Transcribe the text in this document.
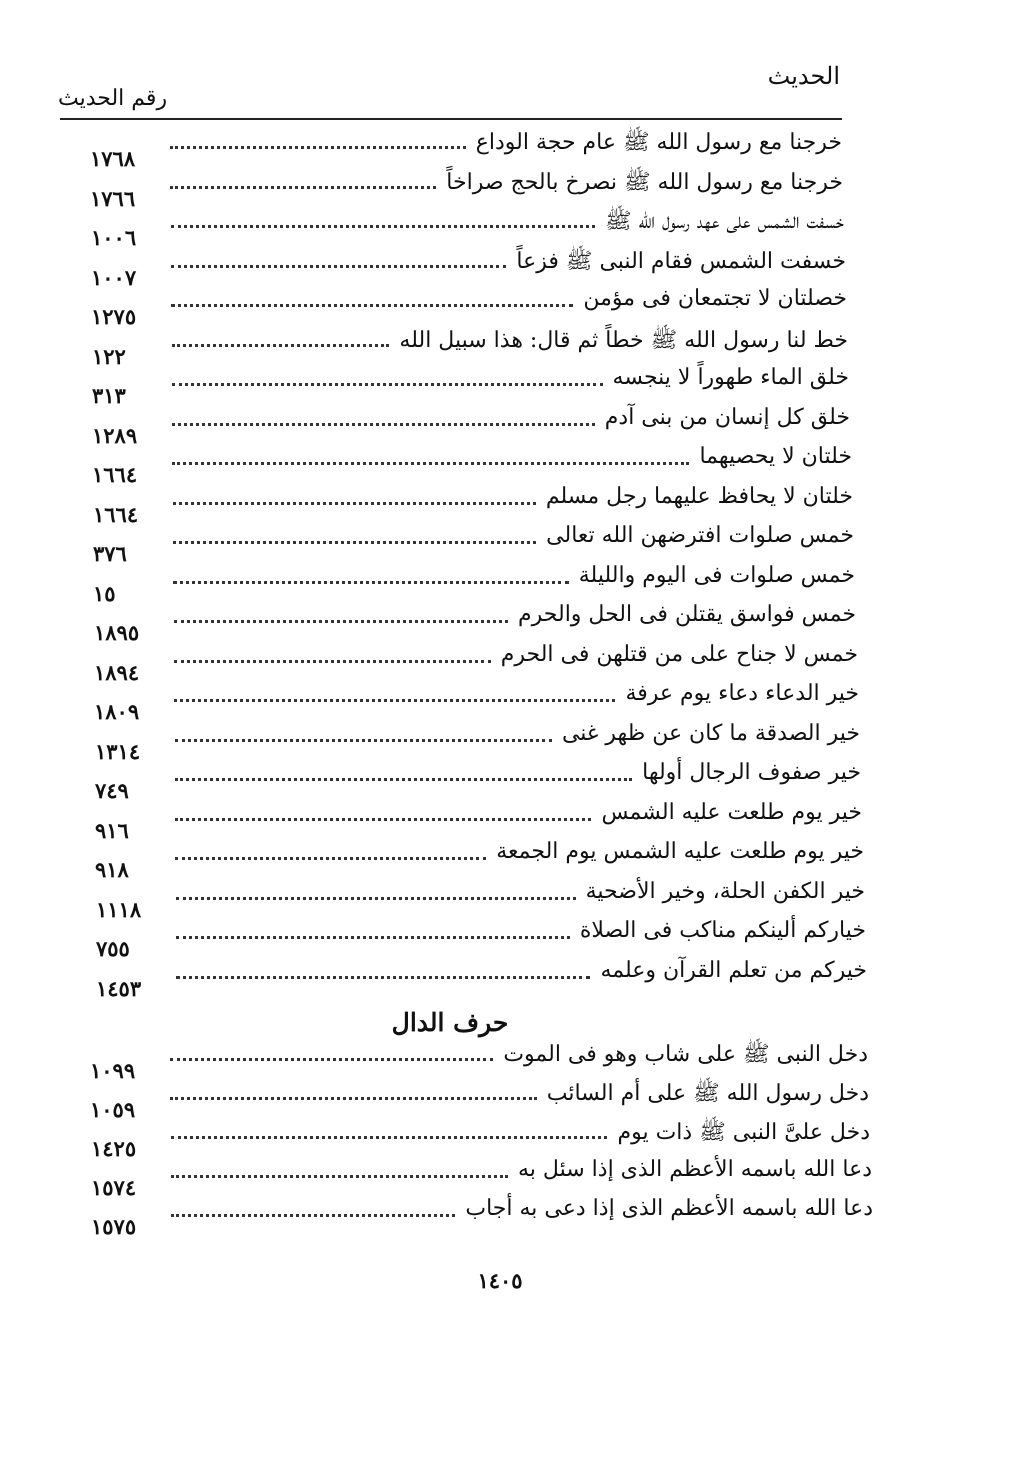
الحديث
رقم الحديث
١٧٦٨
خرجنا مع رسول الله ﷺ عام حجة الوداع
١٧٦٦
خرجنا مع رسول الله ﷺ نصرخ بالحج صراخاً
١٠٠٦
خسفت الشمس على عهد رسول الله ﷺ
١٠٠٧
خسفت الشمس فقام النبى ﷺ فزعاً
١٢٧٥
خصلتان لا تجتمعان فى مؤمن
١٢٢
خط لنا رسول الله ﷺ خطاً ثم قال: هذا سبيل الله
٣١٣
خلق الماء طهوراً لا ينجسه
١٢٨٩
خلق كل إنسان من بنى آدم
١٦٦٤
خلتان لا يحصيهما
١٦٦٤
خلتان لا يحافظ عليهما رجل مسلم
٣٧٦
خمس صلوات افترضهن الله تعالى
١٥
خمس صلوات فى اليوم والليلة
١٨٩٥
خمس فواسق يقتلن فى الحل والحرم
١٨٩٤
خمس لا جناح على من قتلهن فى الحرم
١٨٠٩
خير الدعاء دعاء يوم عرفة
١٣١٤
خير الصدقة ما كان عن ظهر غنى
٧٤٩
خير صفوف الرجال أولها
٩١٦
خير يوم طلعت عليه الشمس
٩١٨
خير يوم طلعت عليه الشمس يوم الجمعة
١١١٨
خير الكفن الحلة، وخير الأضحية
٧٥٥
خياركم ألينكم مناكب فى الصلاة
١٤٥٣
خيركم من تعلم القرآن وعلمه
حرف الدال
١٠٩٩
دخل النبى ﷺ على شاب وهو فى الموت
١٠٥٩
دخل رسول الله ﷺ على أم السائب
١٤٢٥
دخل علىَّ النبى ﷺ ذات يوم
١٥٧٤
دعا الله باسمه الأعظم الذى إذا سئل به
١٥٧٥
دعا الله باسمه الأعظم الذى إذا دعى به أجاب
١٤٠٥
